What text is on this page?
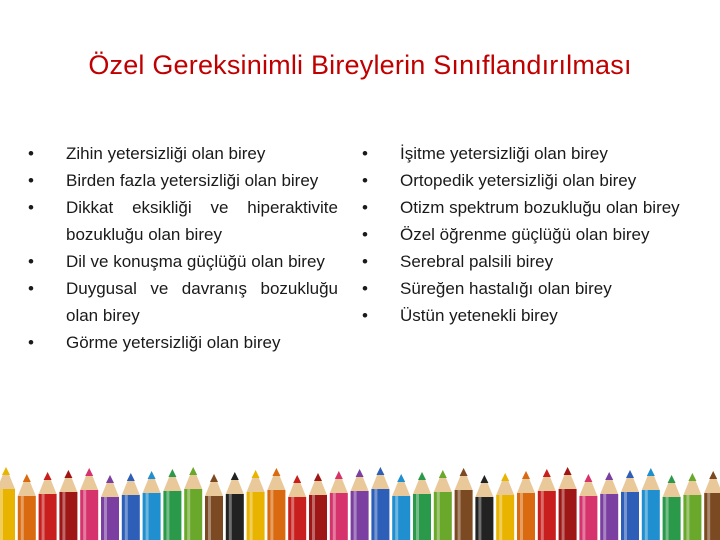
Özel Gereksinimli Bireylerin Sınıflandırılması
•	Zihin yetersizliği olan birey
•	Birden fazla yetersizliği olan birey
•	Dikkat eksikliği ve hiperaktivite bozukluğu olan birey
•	Dil ve konuşma güçlüğü olan birey
•	Duygusal ve davranış bozukluğu olan birey
•	Görme yetersizliği olan birey
•	İşitme yetersizliği olan birey
•	Ortopedik yetersizliği olan birey
•	Otizm spektrum bozukluğu olan birey
•	Özel öğrenme güçlüğü olan birey
•	Serebral palsili birey
•	Süreğen hastalığı olan birey
•	Üstün yetenekli birey
